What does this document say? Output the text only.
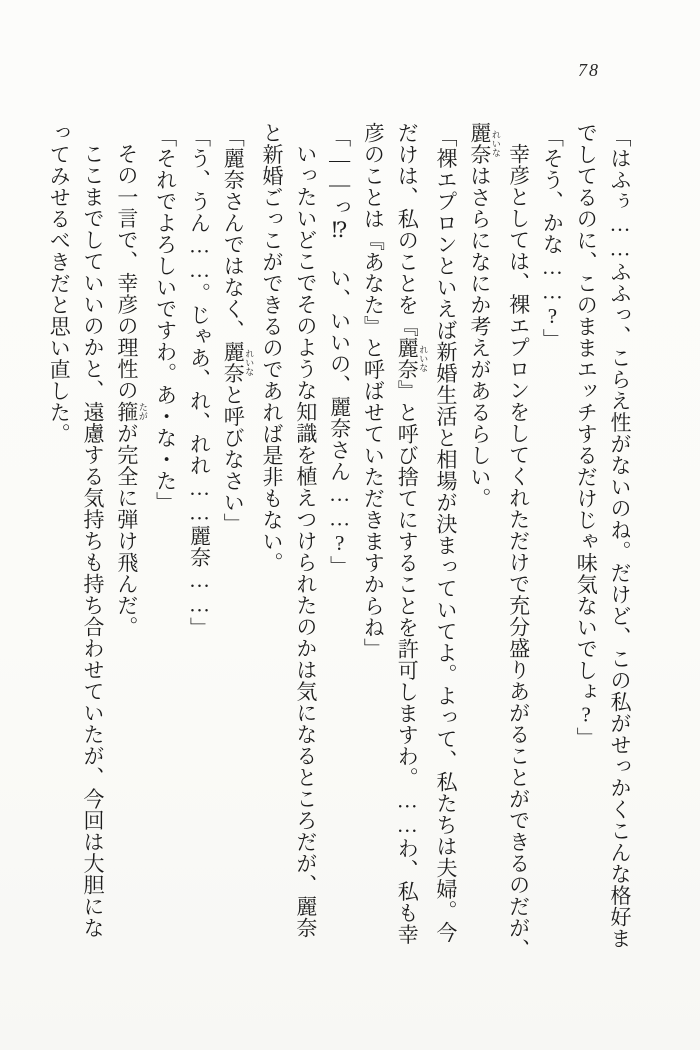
78
「はふぅ……ふふっ、こらえ性がないのね。だけど、この私がせっかくこんな格好ま
でしてるのに、このままエッチするだけじゃ味気ないでしょ?」
「そう、かな……?」
幸彦としては、裸エプロンをしてくれただけで充分盛りあがることができるのだが、
麗奈 れいなはさらになにか考えがあるらしい。
「裸エプロンといえば新婚生活と相場が決まっていてよ。よって、私たちは夫婦。今
だけは、私のことを『麗奈 れいな』と呼び捨てにすることを許可しますわ。……わ、私も幸
彦のことは『あなた』と呼ばせていただきますからね」
「――っ⁉ い、いいの、麗奈さん……?」
いったいどこでそのような知識を植えつけられたのかは気になるところだが、麗奈
と新婚ごっこができるのであれば是非もない。
「麗奈さんではなく、麗奈 れいなと呼びなさい」
「う、うん……。じゃあ、れ、れれ……麗奈……」
「それでよろしいですわ。あ・な・た」
その一言で、幸彦の理性の箍 たがが完全に弾け飛んだ。
ここまでしていいのかと、遠慮する気持ちも持ち合わせていたが、今回は大胆にな
ってみせるべきだと思い直した。
